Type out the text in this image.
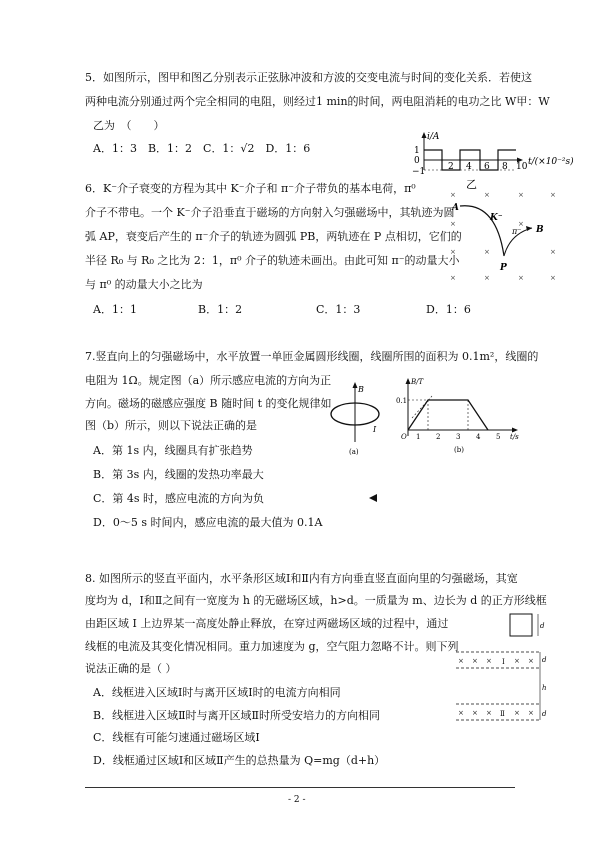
5．如图所示，图甲和图乙分别表示正弦脉冲波和方波的交变电流与时间的变化关系．若使这
两种电流分别通过两个完全相同的电阻，则经过1 min的时间，两电阻消耗的电功之比 W甲：W
乙为　（　　）
A．1：3　B．1：2　C．1：√2　D．1：6
i/A
1
0
−1	2 4 6 8 10 t/(×10⁻²s)
乙
6．K⁻介子衰变的方程为其中 K⁻介子和 π⁻介子带负的基本电荷，π⁰
介子不带电。一个 K⁻介子沿垂直于磁场的方向射入匀强磁场中，其轨迹为圆
弧 AP，衰变后产生的 π⁻介子的轨迹为圆弧 PB，两轨迹在 P 点相切，它们的
半径 R₀ 与 R₀ 之比为 2：1，π⁰ 介子的轨迹未画出。由此可知 π⁻的动量大小
与 π⁰ 的动量大小之比为
A．1：1	B．1：2	C．1：3	D．1：6
×	×	×	×
×	×
×	×	×
×	×	×	×
A
K⁻
π⁻ B
P
7.竖直向上的匀强磁场中，水平放置一单匝金属圆形线圈，线圈所围的面积为 0.1m²，线圈的
电阻为 1Ω。规定图（a）所示感应电流的方向为正
方向。磁场的磁感应强度 B 随时间 t 的变化规律如
图（b）所示，则以下说法正确的是
A．第 1s 内，线圈具有扩张趋势
B．第 3s 内，线圈的发热功率最大
C．第 4s 时，感应电流的方向为负
D．0～5 s 时间内，感应电流的最大值为 0.1A
B
I
(a)
B/T
0.1
O 1 2 3 4 5 t/s
(b)
8. 如图所示的竖直平面内，水平条形区域Ⅰ和Ⅱ内有方向垂直竖直面向里的匀强磁场，其宽
度均为 d，Ⅰ和Ⅱ之间有一宽度为 h 的无磁场区域，h>d。一质量为 m、边长为 d 的正方形线框
由距区域 Ⅰ 上边界某一高度处静止释放，在穿过两磁场区域的过程中，通过
线框的电流及其变化情况相同。重力加速度为 g，空气阻力忽略不计。则下列
说法正确的是（ ）
A．线框进入区域Ⅰ时与离开区域Ⅰ时的电流方向相同
B．线框进入区域Ⅱ时与离开区域Ⅱ时所受安培力的方向相同
C．线框有可能匀速通过磁场区域Ⅰ
D．线框通过区域Ⅰ和区域Ⅱ产生的总热量为 Q=mg（d+h）
d
× × ×	× ×
× × ×	× ×
Ⅰ
Ⅱ
d
h
d
- 2 -
